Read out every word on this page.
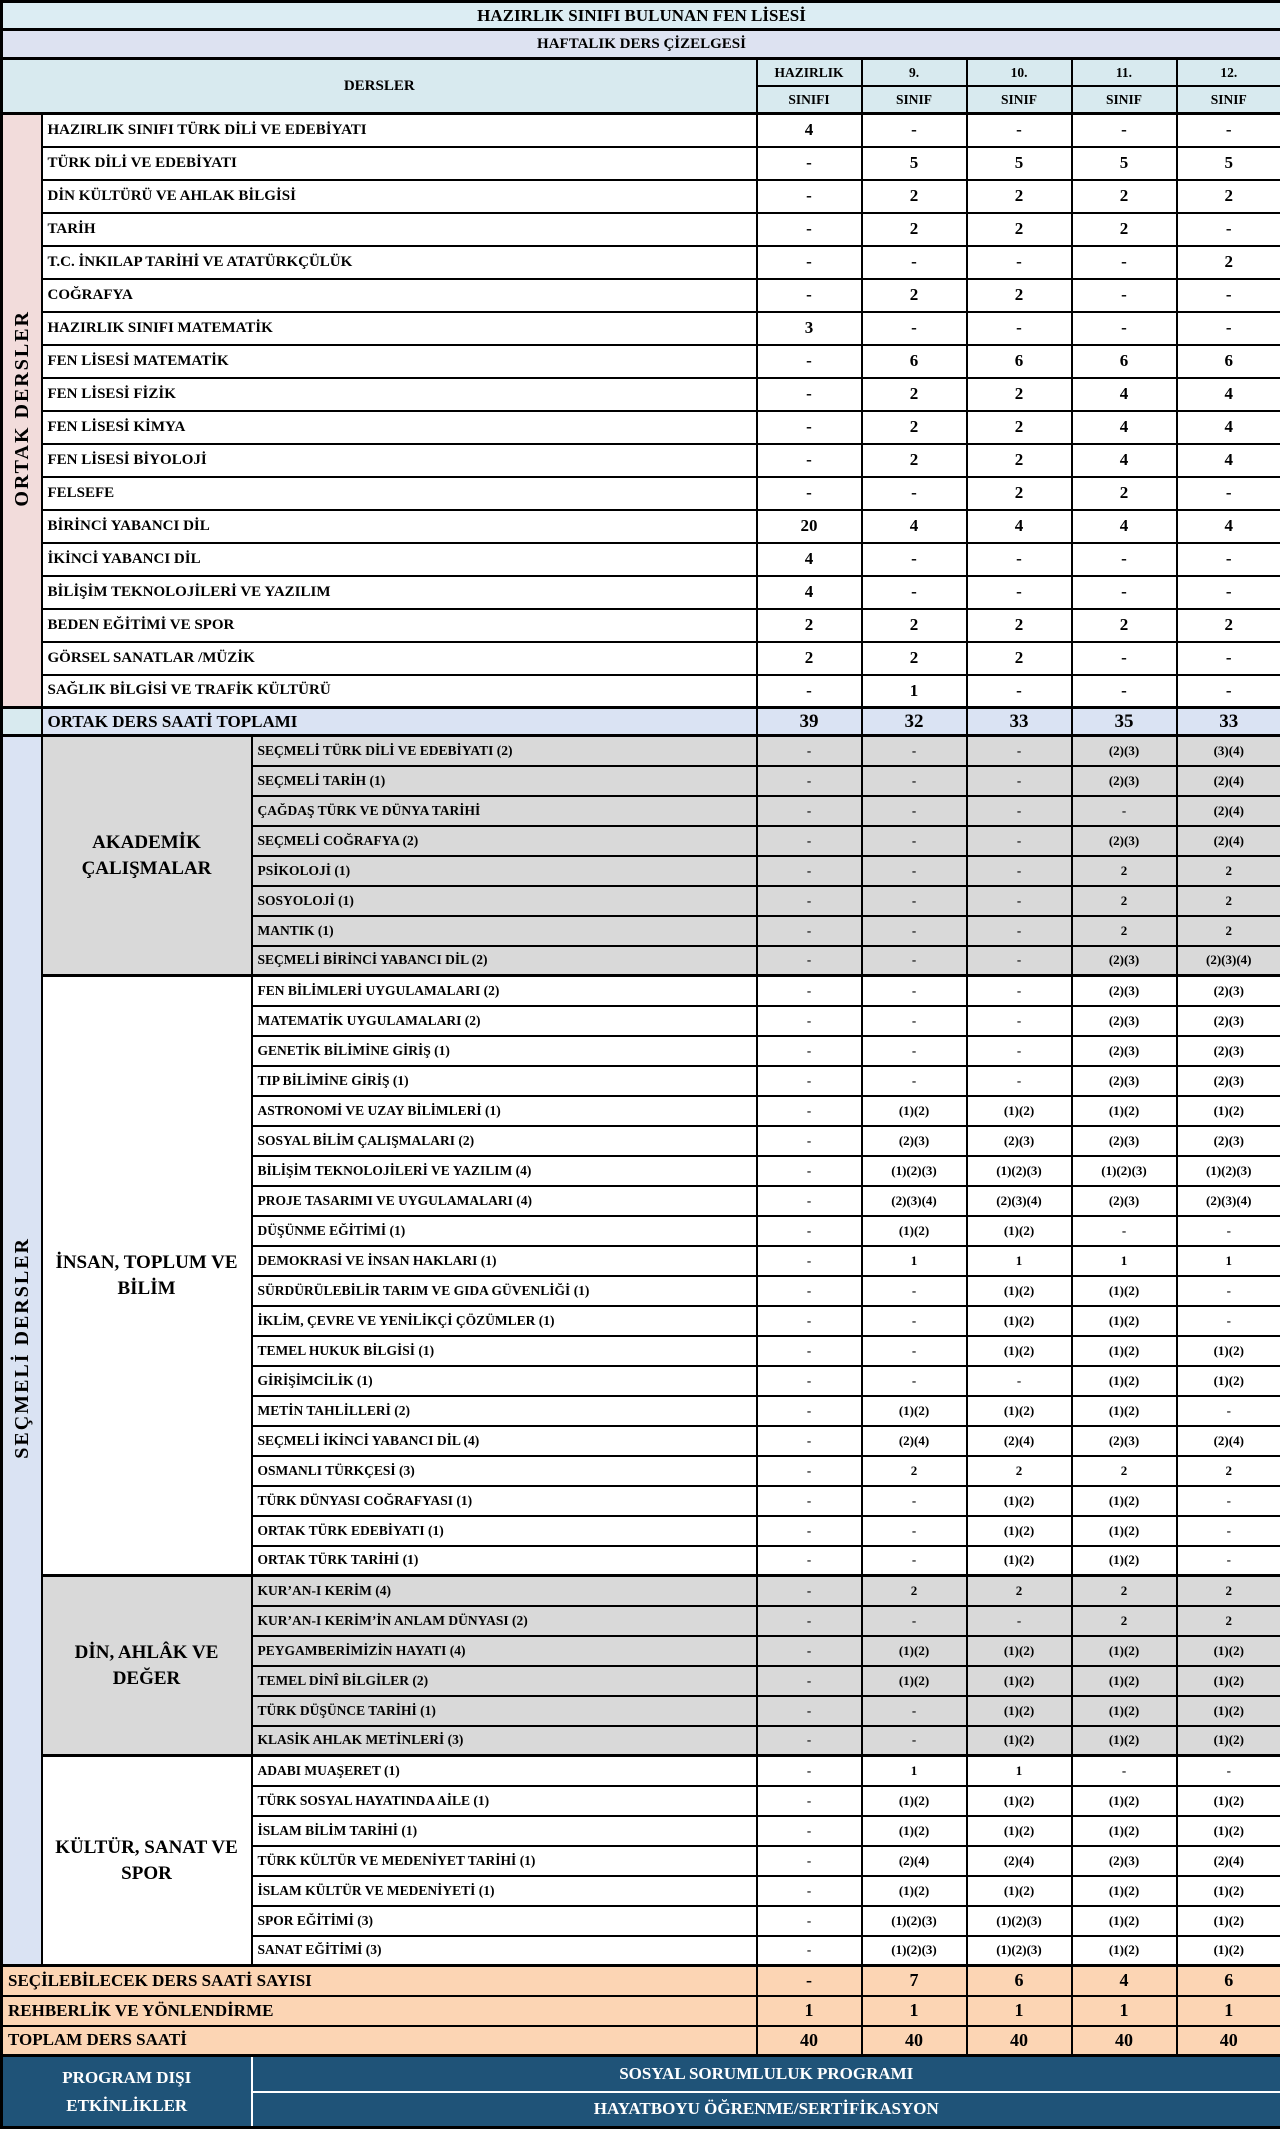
HAZIRLIK SINIFI BULUNAN FEN LİSESİ							
HAFTALIK DERS ÇİZELGESİ							
DERSLER			HAZIRLIK	9.	10.	11.	12.
			SINIFI	SINIF	SINIF	SINIF	SINIF
ORTAK DERSLER	HAZIRLIK SINIFI TÜRK DİLİ VE EDEBİYATI		4	-	-	-	-
	TÜRK DİLİ VE EDEBİYATI		-	5	5	5	5
	DİN KÜLTÜRÜ VE AHLAK BİLGİSİ		-	2	2	2	2
	TARİH		-	2	2	2	-
	T.C. İNKILAP TARİHİ VE ATATÜRKÇÜLÜK		-	-	-	-	2
	COĞRAFYA		-	2	2	-	-
	HAZIRLIK SINIFI MATEMATİK		3	-	-	-	-
	FEN LİSESİ MATEMATİK		-	6	6	6	6
	FEN LİSESİ FİZİK		-	2	2	4	4
	FEN LİSESİ KİMYA		-	2	2	4	4
	FEN LİSESİ BİYOLOJİ		-	2	2	4	4
	FELSEFE		-	-	2	2	-
	BİRİNCİ YABANCI DİL		20	4	4	4	4
	İKİNCİ YABANCI DİL		4	-	-	-	-
	BİLİŞİM TEKNOLOJİLERİ VE YAZILIM		4	-	-	-	-
	BEDEN EĞİTİMİ VE SPOR		2	2	2	2	2
	GÖRSEL SANATLAR /MÜZİK		2	2	2	-	-
	SAĞLIK BİLGİSİ VE TRAFİK KÜLTÜRÜ		-	1	-	-	-
	ORTAK DERS SAATİ TOPLAMI		39	32	33	35	33
SEÇMELİ DERSLER	AKADEMİK ÇALIŞMALAR	SEÇMELİ TÜRK DİLİ VE EDEBİYATI (2)	-	-	-	(2)(3)	(3)(4)
		SEÇMELİ TARİH (1)	-	-	-	(2)(3)	(2)(4)
		ÇAĞDAŞ TÜRK VE DÜNYA TARİHİ	-	-	-	-	(2)(4)
		SEÇMELİ COĞRAFYA (2)	-	-	-	(2)(3)	(2)(4)
		PSİKOLOJİ (1)	-	-	-	2	2
		SOSYOLOJİ (1)	-	-	-	2	2
		MANTIK (1)	-	-	-	2	2
		SEÇMELİ BİRİNCİ YABANCI DİL (2)	-	-	-	(2)(3)	(2)(3)(4)
	İNSAN, TOPLUM VE BİLİM	FEN BİLİMLERİ UYGULAMALARI (2)	-	-	-	(2)(3)	(2)(3)
		MATEMATİK UYGULAMALARI (2)	-	-	-	(2)(3)	(2)(3)
		GENETİK BİLİMİNE GİRİŞ (1)	-	-	-	(2)(3)	(2)(3)
		TIP BİLİMİNE GİRİŞ (1)	-	-	-	(2)(3)	(2)(3)
		ASTRONOMİ VE UZAY BİLİMLERİ (1)	-	(1)(2)	(1)(2)	(1)(2)	(1)(2)
		SOSYAL BİLİM ÇALIŞMALARI (2)	-	(2)(3)	(2)(3)	(2)(3)	(2)(3)
		BİLİŞİM TEKNOLOJİLERİ VE YAZILIM (4)	-	(1)(2)(3)	(1)(2)(3)	(1)(2)(3)	(1)(2)(3)
		PROJE TASARIMI VE UYGULAMALARI (4)	-	(2)(3)(4)	(2)(3)(4)	(2)(3)	(2)(3)(4)
		DÜŞÜNME EĞİTİMİ (1)	-	(1)(2)	(1)(2)	-	-
		DEMOKRASİ VE İNSAN HAKLARI (1)	-	1	1	1	1
		SÜRDÜRÜLEBİLİR TARIM VE GIDA GÜVENLİĞİ (1)	-	-	(1)(2)	(1)(2)	-
		İKLİM, ÇEVRE VE YENİLİKÇİ ÇÖZÜMLER (1)	-	-	(1)(2)	(1)(2)	-
		TEMEL HUKUK BİLGİSİ (1)	-	-	(1)(2)	(1)(2)	(1)(2)
		GİRİŞİMCİLİK (1)	-	-	-	(1)(2)	(1)(2)
		METİN TAHLİLLERİ (2)	-	(1)(2)	(1)(2)	(1)(2)	-
		SEÇMELİ İKİNCİ YABANCI DİL (4)	-	(2)(4)	(2)(4)	(2)(3)	(2)(4)
		OSMANLI TÜRKÇESİ (3)	-	2	2	2	2
		TÜRK DÜNYASI COĞRAFYASI (1)	-	-	(1)(2)	(1)(2)	-
		ORTAK TÜRK EDEBİYATI (1)	-	-	(1)(2)	(1)(2)	-
		ORTAK TÜRK TARİHİ (1)	-	-	(1)(2)	(1)(2)	-
	DİN, AHLÂK VE DEĞER	KUR’AN-I KERİM (4)	-	2	2	2	2
		KUR’AN-I KERİM’İN ANLAM DÜNYASI (2)	-	-	-	2	2
		PEYGAMBERİMİZİN HAYATI (4)	-	(1)(2)	(1)(2)	(1)(2)	(1)(2)
		TEMEL DİNÎ BİLGİLER (2)	-	(1)(2)	(1)(2)	(1)(2)	(1)(2)
		TÜRK DÜŞÜNCE TARİHİ (1)	-	-	(1)(2)	(1)(2)	(1)(2)
		KLASİK AHLAK METİNLERİ (3)	-	-	(1)(2)	(1)(2)	(1)(2)
	KÜLTÜR, SANAT VE SPOR	ADABI MUAŞERET (1)	-	1	1	-	-
		TÜRK SOSYAL HAYATINDA AİLE (1)	-	(1)(2)	(1)(2)	(1)(2)	(1)(2)
		İSLAM BİLİM TARİHİ (1)	-	(1)(2)	(1)(2)	(1)(2)	(1)(2)
		TÜRK KÜLTÜR VE MEDENİYET TARİHİ (1)	-	(2)(4)	(2)(4)	(2)(3)	(2)(4)
		İSLAM KÜLTÜR VE MEDENİYETİ (1)	-	(1)(2)	(1)(2)	(1)(2)	(1)(2)
		SPOR EĞİTİMİ (3)	-	(1)(2)(3)	(1)(2)(3)	(1)(2)	(1)(2)
		SANAT EĞİTİMİ (3)	-	(1)(2)(3)	(1)(2)(3)	(1)(2)	(1)(2)
SEÇİLEBİLECEK DERS SAATİ SAYISI			-	7	6	4	6
REHBERLİK VE YÖNLENDİRME			1	1	1	1	1
TOPLAM DERS SAATİ			40	40	40	40	40
PROGRAM DIŞI ETKİNLİKLER		SOSYAL SORUMLULUK PROGRAMI					
		HAYATBOYU ÖĞRENME/SERTİFİKASYON					
